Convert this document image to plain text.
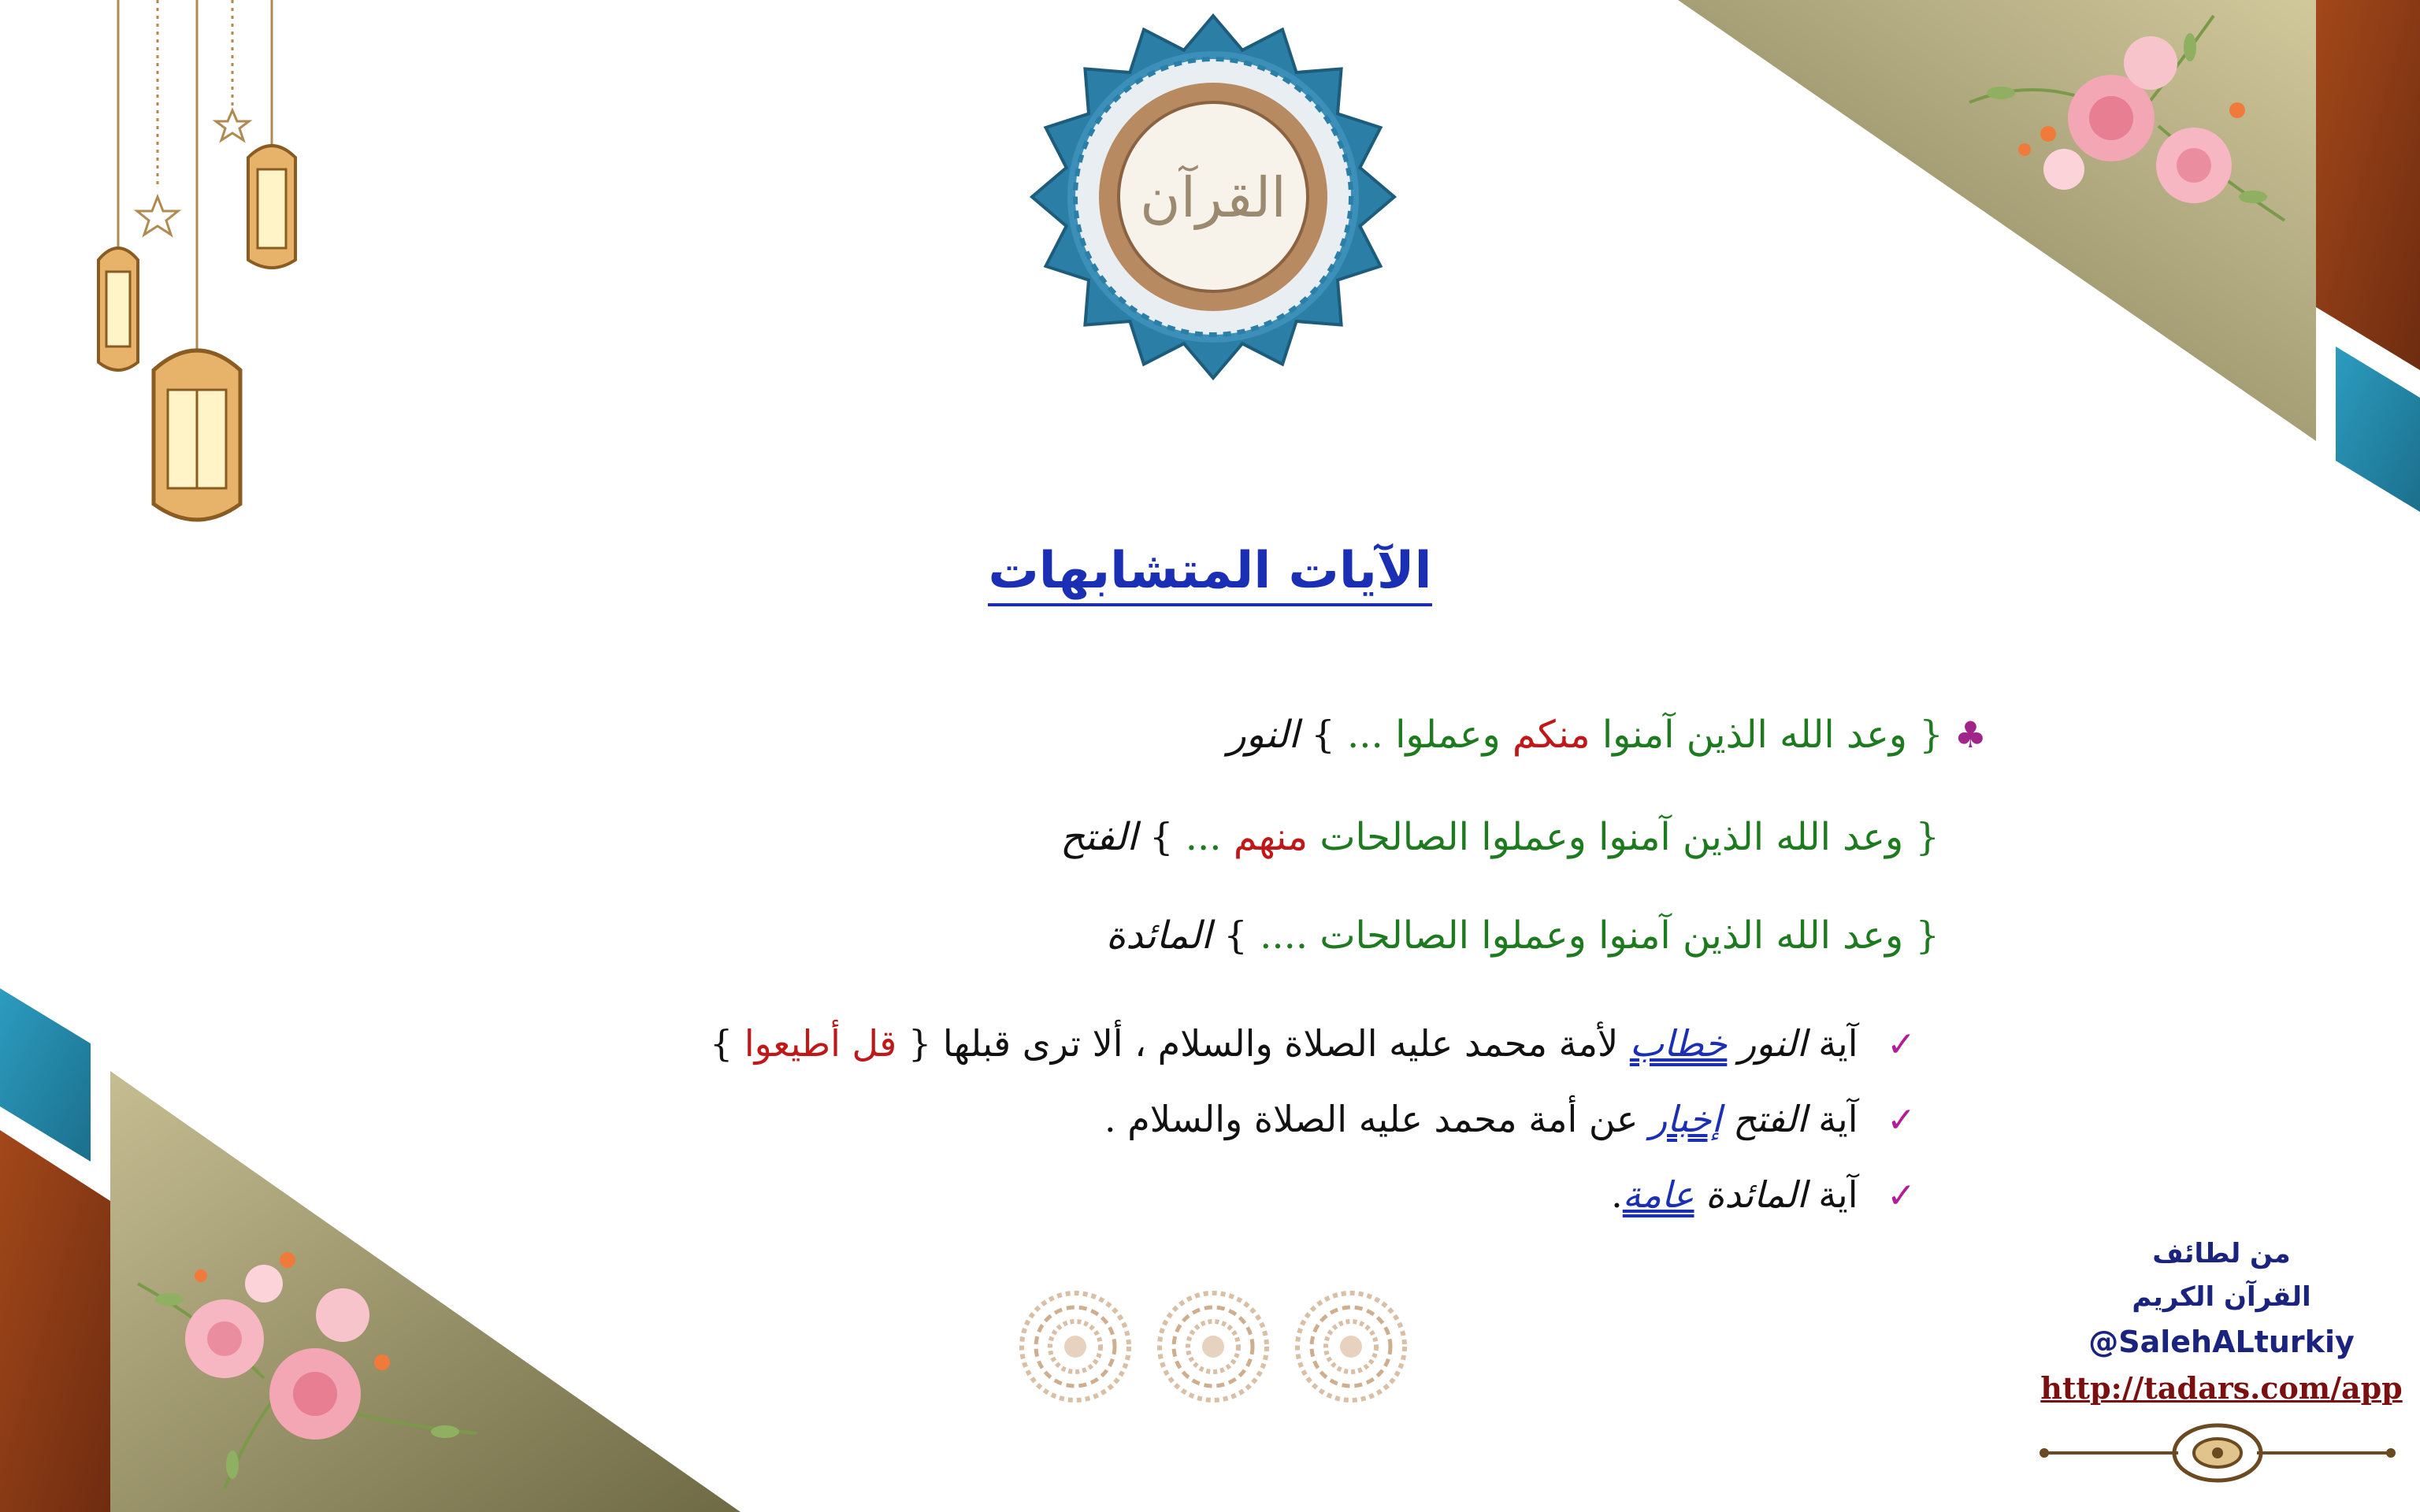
القرآن
الآيات المتشابهات
♣{ وعد الله الذين آمنوا منكم وعملوا ... } النور
{ وعد الله الذين آمنوا وعملوا الصالحات منهم ... } الفتح
{ وعد الله الذين آمنوا وعملوا الصالحات .... } المائدة
✓ آية النور خطاب لأمة محمد عليه الصلاة والسلام ، ألا ترى قبلها { قل أطيعوا }
✓ آية الفتح إخبار عن أمة محمد عليه الصلاة والسلام .
✓ آية المائدة عامة.
من لطائف
القرآن الكريم
@SalehALturkiy
http://tadars.com/app
